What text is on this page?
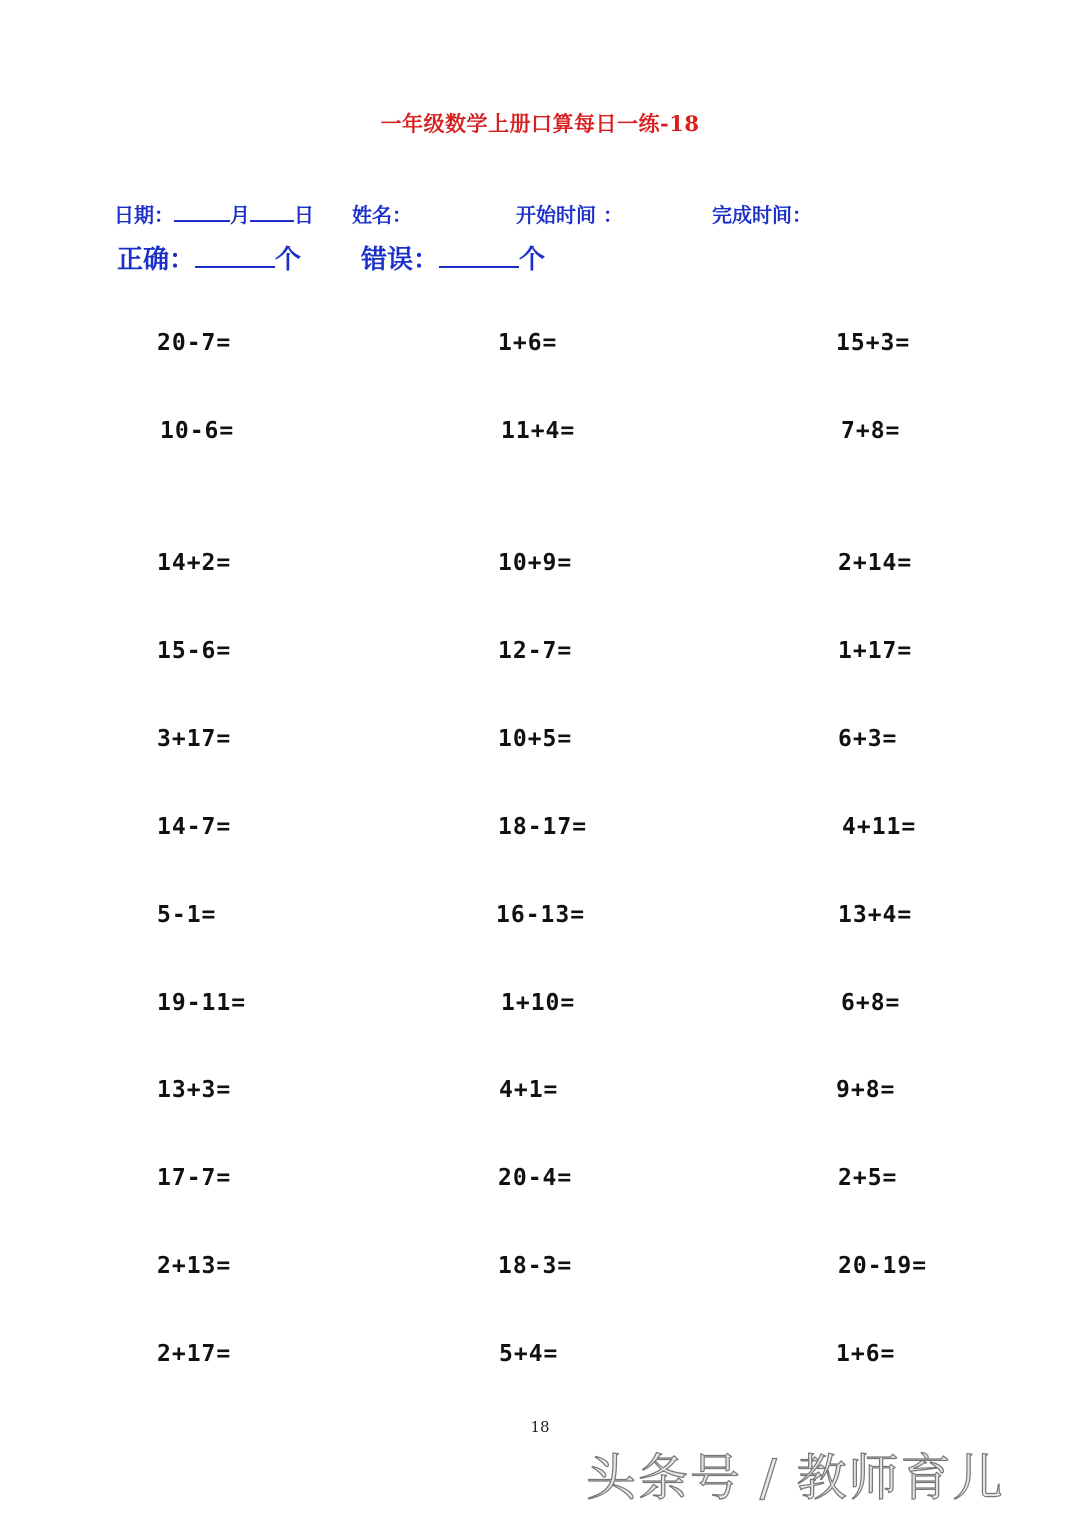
一年级数学上册口算每日一练-18
日期：	月 日 姓名：	开始时间 ：	完成时间：
正确：	个 错误：	个
20-7=	1+6=	15+3=
10-6=	11+4=	7+8=
14+2=	10+9=	2+14=
15-6=	12-7=	1+17=
3+17=	10+5=	6+3=
14-7=	18-17=	4+11=
5-1=	16-13=	13+4=
19-11=	1+10=	6+8=
13+3=	4+1=	9+8=
17-7=	20-4=	2+5=
2+13=	18-3=	20-19=
2+17=	5+4=	1+6=
18
头条号 / 教师育儿
